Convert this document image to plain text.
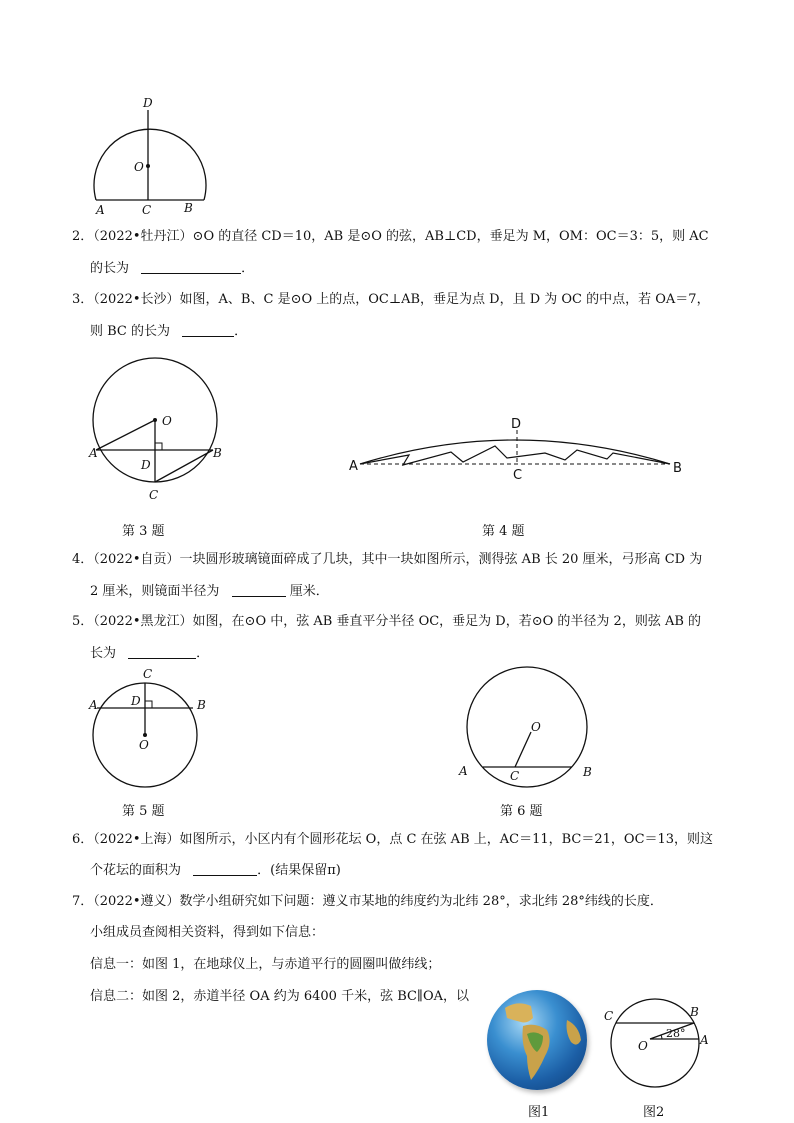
D
O
A	C	B
2．（2022•牡丹江）⊙O 的直径 CD＝10，AB 是⊙O 的弦，AB⊥CD，垂足为 M，OM：OC＝3：5，则 AC
的长为	．
3．（2022•长沙）如图，A、B、C 是⊙O 上的点，OC⊥AB，垂足为点 D，且 D 为 OC 的中点，若 OA＝7，
则 BC 的长为	．
O
A	B
D
C
第 3 题
D
A	B
C
第 4 题
4．（2022•自贡）一块圆形玻璃镜面碎成了几块，其中一块如图所示，测得弦 AB 长 20 厘米，弓形高 CD 为
2 厘米，则镜面半径为	厘米．
5．（2022•黑龙江）如图，在⊙O 中，弦 AB 垂直平分半径 OC，垂足为 D，若⊙O 的半径为 2，则弦 AB 的
长为	．
C
A	D	B
O
第 5 题
O
A	C	B
第 6 题
6．（2022•上海）如图所示，小区内有个圆形花坛 O，点 C 在弦 AB 上，AC＝11，BC＝21，OC＝13，则这
个花坛的面积为	．(结果保留π)
7．（2022•遵义）数学小组研究如下问题：遵义市某地的纬度约为北纬 28°，求北纬 28°纬线的长度．
小组成员查阅相关资料，得到如下信息：
信息一：如图 1，在地球仪上，与赤道平行的圆圈叫做纬线；
信息二：如图 2，赤道半径 OA 约为 6400 千米，弦 BC∥OA，以
图1
28°
B
C
O	A
图2
